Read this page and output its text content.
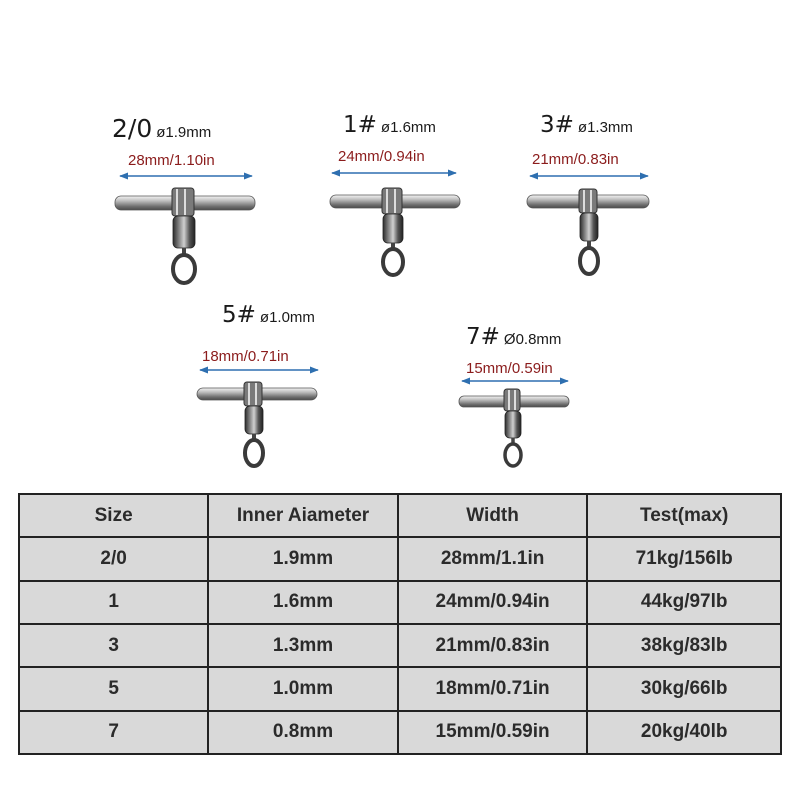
2/0 ø1.9mm
28mm/1.10in
1# ø1.6mm
24mm/0.94in
3# ø1.3mm
21mm/0.83in
5# ø1.0mm
18mm/0.71in
7# Ø0.8mm
15mm/0.59in
Size	Inner Aiameter	Width	Test(max)
2/0	1.9mm	28mm/1.1in	71kg/156lb
1	1.6mm	24mm/0.94in	44kg/97lb
3	1.3mm	21mm/0.83in	38kg/83lb
5	1.0mm	18mm/0.71in	30kg/66lb
7	0.8mm	15mm/0.59in	20kg/40lb
